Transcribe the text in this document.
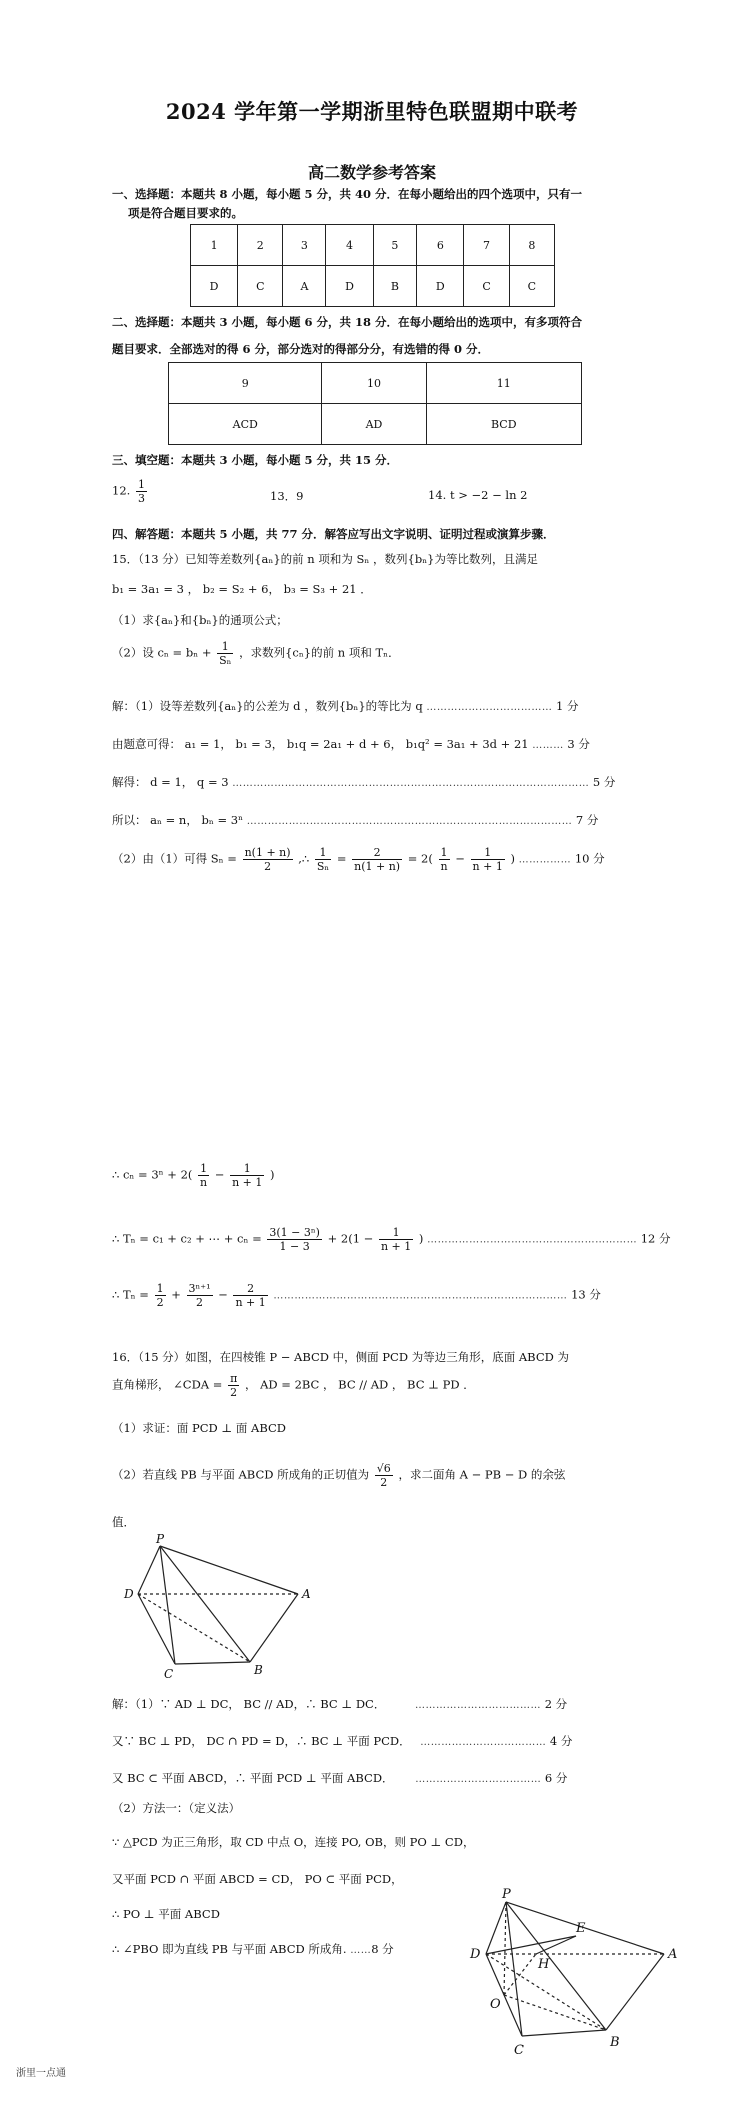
2024 学年第一学期浙里特色联盟期中联考
高二数学参考答案
一、选择题：本题共 8 小题，每小题 5 分，共 40 分．在每小题给出的四个选项中，只有一
项是符合题目要求的。
1	2	3	4	5	6	7	8
D	C	A	D	B	D	C	C
二、选择题：本题共 3 小题，每小题 6 分，共 18 分．在每小题给出的选项中，有多项符合
题目要求．全部选对的得 6 分，部分选对的得部分分，有选错的得 0 分．
9	10	11
ACD	AD	BCD
三、填空题：本题共 3 小题，每小题 5 分，共 15 分．
12. $\frac{1}{3}$	13．9	14. t > −2 − ln 2
四、解答题：本题共 5 小题，共 77 分．解答应写出文字说明、证明过程或演算步骤．
15．（13 分）已知等差数列{aₙ}的前 n 项和为 Sₙ ，数列{bₙ}为等比数列，且满足
b₁ = 3a₁ = 3 ， b₂ = S₂ + 6， b₃ = S₃ + 21 ．
（1）求{aₙ}和{bₙ}的通项公式；
（2）设 $c_n = b_n + \frac{1}{\text{Sₙ}}$ ，求数列{cₙ}的前 n 项和 Tₙ．
解：（1）设等差数列{aₙ}的公差为 d ，数列{bₙ}的等比为 q ……………………………… 1 分
由题意可得： a₁ = 1， b₁ = 3， b₁q = 2a₁ + d + 6， b₁q² = 3a₁ + 3d + 21 ……… 3 分
解得： d = 1， q = 3 ………………………………………………………………………………………… 5 分
所以： aₙ = n， bₙ = 3ⁿ ………………………………………………………………………………… 7 分
（2）由（1）可得 $S_n = \frac{n(1 + n)}{2}$ ,∴ $\frac{1}{\text{Sₙ}} = \frac{2}{n(1 + n)} = 2( \frac{1}{n} - \frac{1}{n + 1}$ ) …………… 10 分
∴ $c_n = 3^n + 2( \frac{1}{n} - \frac{1}{n + 1}$ )
∴ Tₙ = c₁ + c₂ + ⋯ + $c_n = \frac{\text{3(1 − 3ⁿ)}}{1 - 3} + 2(1 - \frac{1}{n + 1}$ ) …………………………………………………… 12 分
∴ $T_n = \frac{1}{2} + \frac{\text{3ⁿ⁺¹}}{2} - \frac{2}{n + 1}$ ………………………………………………………………………… 13 分
16．（15 分）如图，在四棱锥 P − ABCD 中，侧面 PCD 为等边三角形，底面 ABCD 为
直角梯形， ∠CDA = $\frac{\pi}{2}$ ， AD = 2BC ， BC // AD ， BC ⊥ PD ．
（1）求证：面 PCD ⊥ 面 ABCD
（2）若直线 PB 与平面 ABCD 所成角的正切值为 $\frac{√6}{2}$ ，求二面角 A − PB − D 的余弦
值．
P
D	A
C	B
解：（1）∵ AD ⊥ DC， BC // AD，∴ BC ⊥ DC．	……………………………… 2 分
又∵ BC ⊥ PD， DC ∩ PD = D，∴ BC ⊥ 平面 PCD． ……………………………… 4 分
又 BC ⊂ 平面 ABCD，∴ 平面 PCD ⊥ 平面 ABCD． ……………………………… 6 分
（2）方法一：（定义法）
∵ △PCD 为正三角形，取 CD 中点 O，连接 PO, OB，则 PO ⊥ CD，
又平面 PCD ∩ 平面 ABCD = CD， PO ⊂ 平面 PCD，
∴ PO ⊥ 平面 ABCD
∴ ∠PBO 即为直线 PB 与平面 ABCD 所成角. ……8 分
P
E
D
H
A
O
C
B
浙里一点通
